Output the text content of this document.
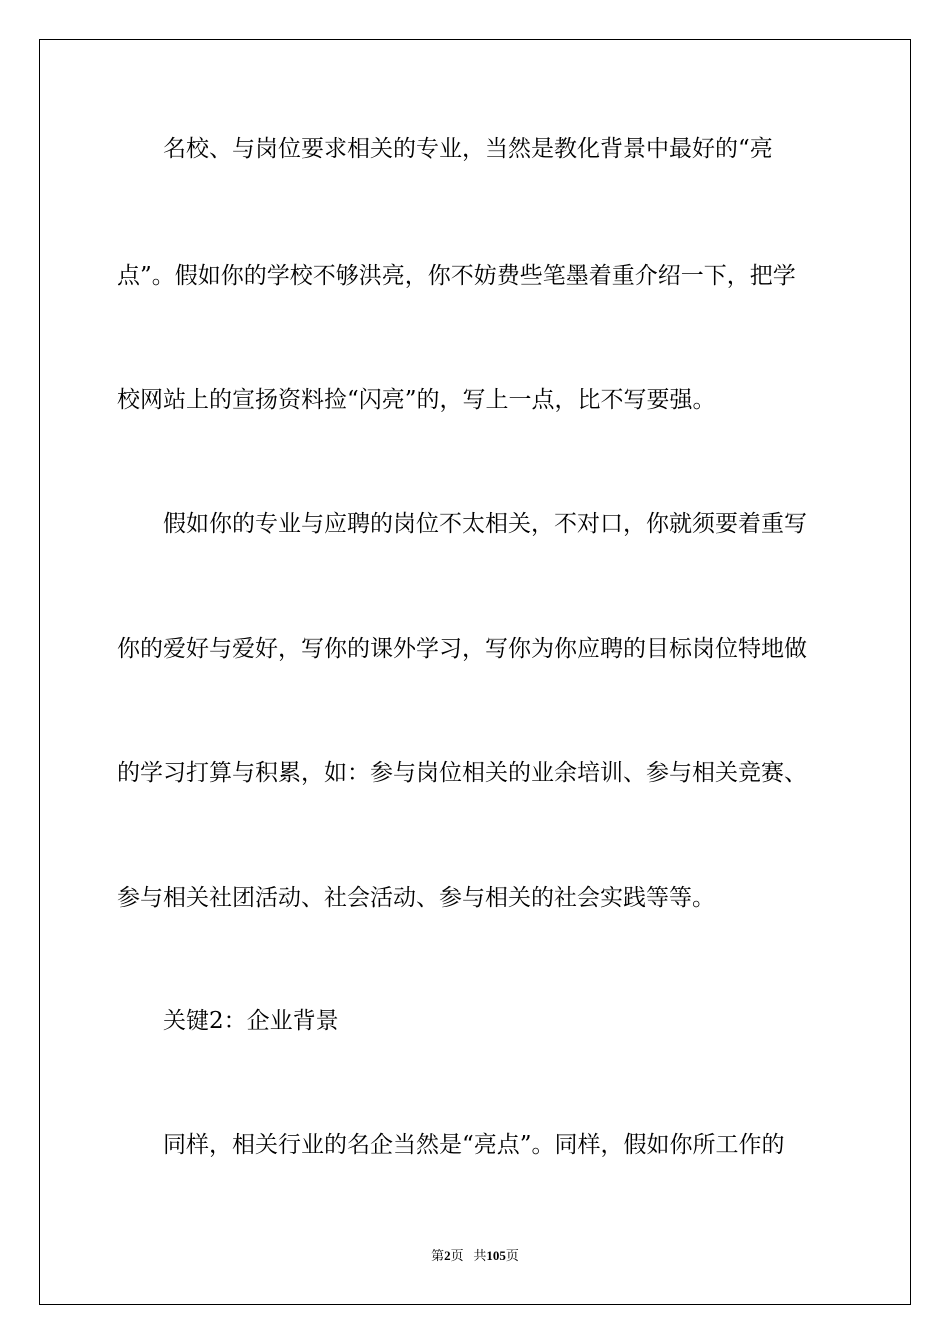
　　名校、与岗位要求相关的专业，当然是教化背景中最好的“亮

点”。假如你的学校不够洪亮，你不妨费些笔墨着重介绍一下，把学

校网站上的宣扬资料捡“闪亮”的，写上一点，比不写要强。

　　假如你的专业与应聘的岗位不太相关，不对口，你就须要着重写

你的爱好与爱好，写你的课外学习，写你为你应聘的目标岗位特地做

的学习打算与积累，如：参与岗位相关的业余培训、参与相关竞赛、

参与相关社团活动、社会活动、参与相关的社会实践等等。

　　关键2：企业背景

　　同样，相关行业的名企当然是“亮点”。同样，假如你所工作的

第2页 共105页
